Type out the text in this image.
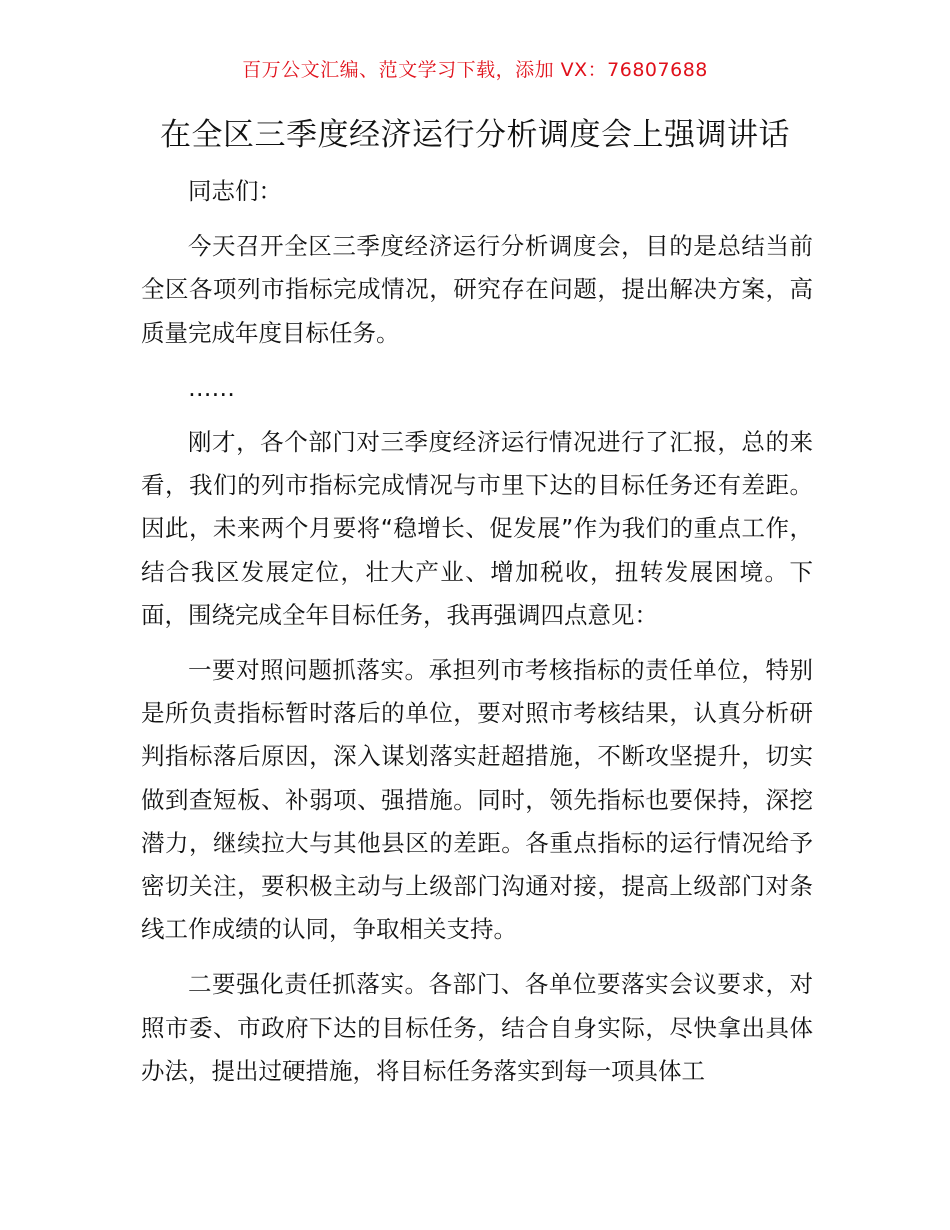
百万公文汇编、范文学习下载，添加 VX：76807688
在全区三季度经济运行分析调度会上强调讲话

同志们：

今天召开全区三季度经济运行分析调度会，目的是总结当前全区各项列市指标完成情况，研究存在问题，提出解决方案，高质量完成年度目标任务。

……

刚才，各个部门对三季度经济运行情况进行了汇报，总的来看，我们的列市指标完成情况与市里下达的目标任务还有差距。因此，未来两个月要将“稳增长、促发展”作为我们的重点工作，结合我区发展定位，壮大产业、增加税收，扭转发展困境。下面，围绕完成全年目标任务，我再强调四点意见：

一要对照问题抓落实。承担列市考核指标的责任单位，特别是所负责指标暂时落后的单位，要对照市考核结果，认真分析研判指标落后原因，深入谋划落实赶超措施，不断攻坚提升，切实做到查短板、补弱项、强措施。同时，领先指标也要保持，深挖潜力，继续拉大与其他县区的差距。各重点指标的运行情况给予密切关注，要积极主动与上级部门沟通对接，提高上级部门对条线工作成绩的认同，争取相关支持。

二要强化责任抓落实。各部门、各单位要落实会议要求，对照市委、市政府下达的目标任务，结合自身实际，尽快拿出具体办法，提出过硬措施，将目标任务落实到每一项具体工
